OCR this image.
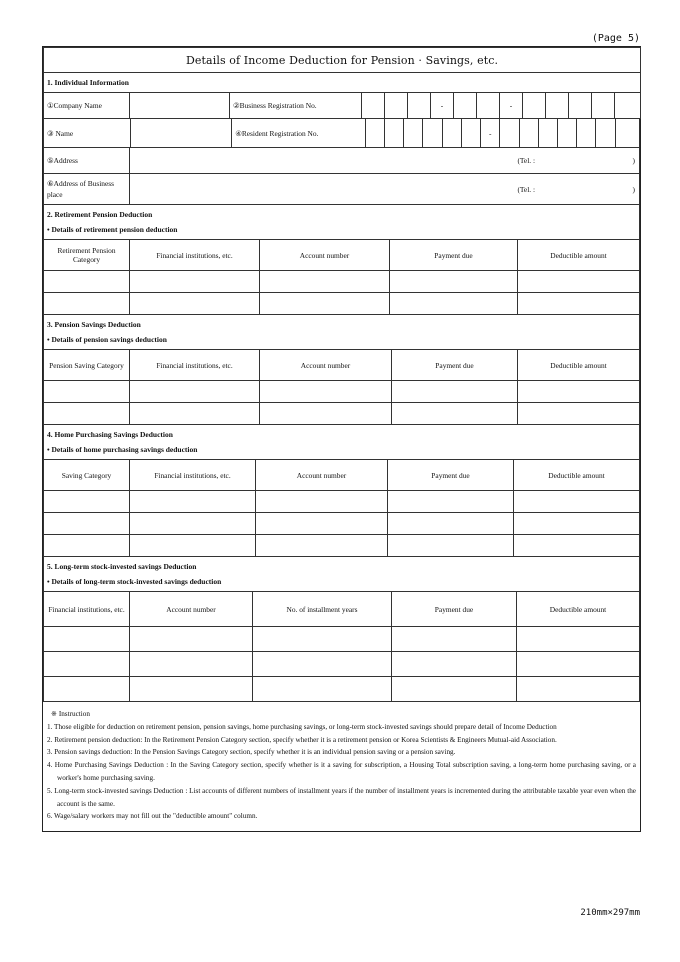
(Page 5)
Details of Income Deduction for Pension · Savings, etc.
1. Individual Information
①Company Name		②Business Registration No.				-			-					
③ Name		④Resident Registration No.							-							
⑤Address	(Tel. : )
⑥Address of Business place	(Tel. : )
2. Retirement Pension Deduction
• Details of retirement pension deduction				

Retirement Pension Category	Financial institutions, etc.	Account number	Payment due	Deductible amount

3. Pension Savings Deduction
• Details of pension savings deduction				

Pension Saving Category	Financial institutions, etc.	Account number	Payment due	Deductible amount

4. Home Purchasing Savings Deduction
• Details of home purchasing savings deduction				

Saving Category	Financial institutions, etc.	Account number	Payment due	Deductible amount

5. Long-term stock-invested savings Deduction
• Details of long-term stock-invested savings deduction				

Financial institutions, etc.	Account number	No. of installment years	Payment due	Deductible amount

※ Instruction
1. Those eligible for deduction on retirement pension, pension savings, home purchasing savings, or long-term stock-invested savings should prepare detail of Income Deduction
2. Retirement pension deduction: In the Retirement Pension Category section, specify whether it is a retirement pension or Korea Scientists & Engineers Mutual-aid Association.
3. Pension savings deduction: In the Pension Savings Category section, specify whether it is an individual pension saving or a pension saving.
4. Home Purchasing Savings Deduction : In the Saving Category section, specify whether is it a saving for subscription, a Housing Total subscription saving, a long-term home purchasing saving, or a worker's home purchasing saving.
5. Long-term stock-invested savings Deduction : List accounts of different numbers of installment years if the number of installment years is incremented during the attributable taxable year even when the account is the same.
6. Wage/salary workers may not fill out the "deductible amount" column.
210mm×297mm
